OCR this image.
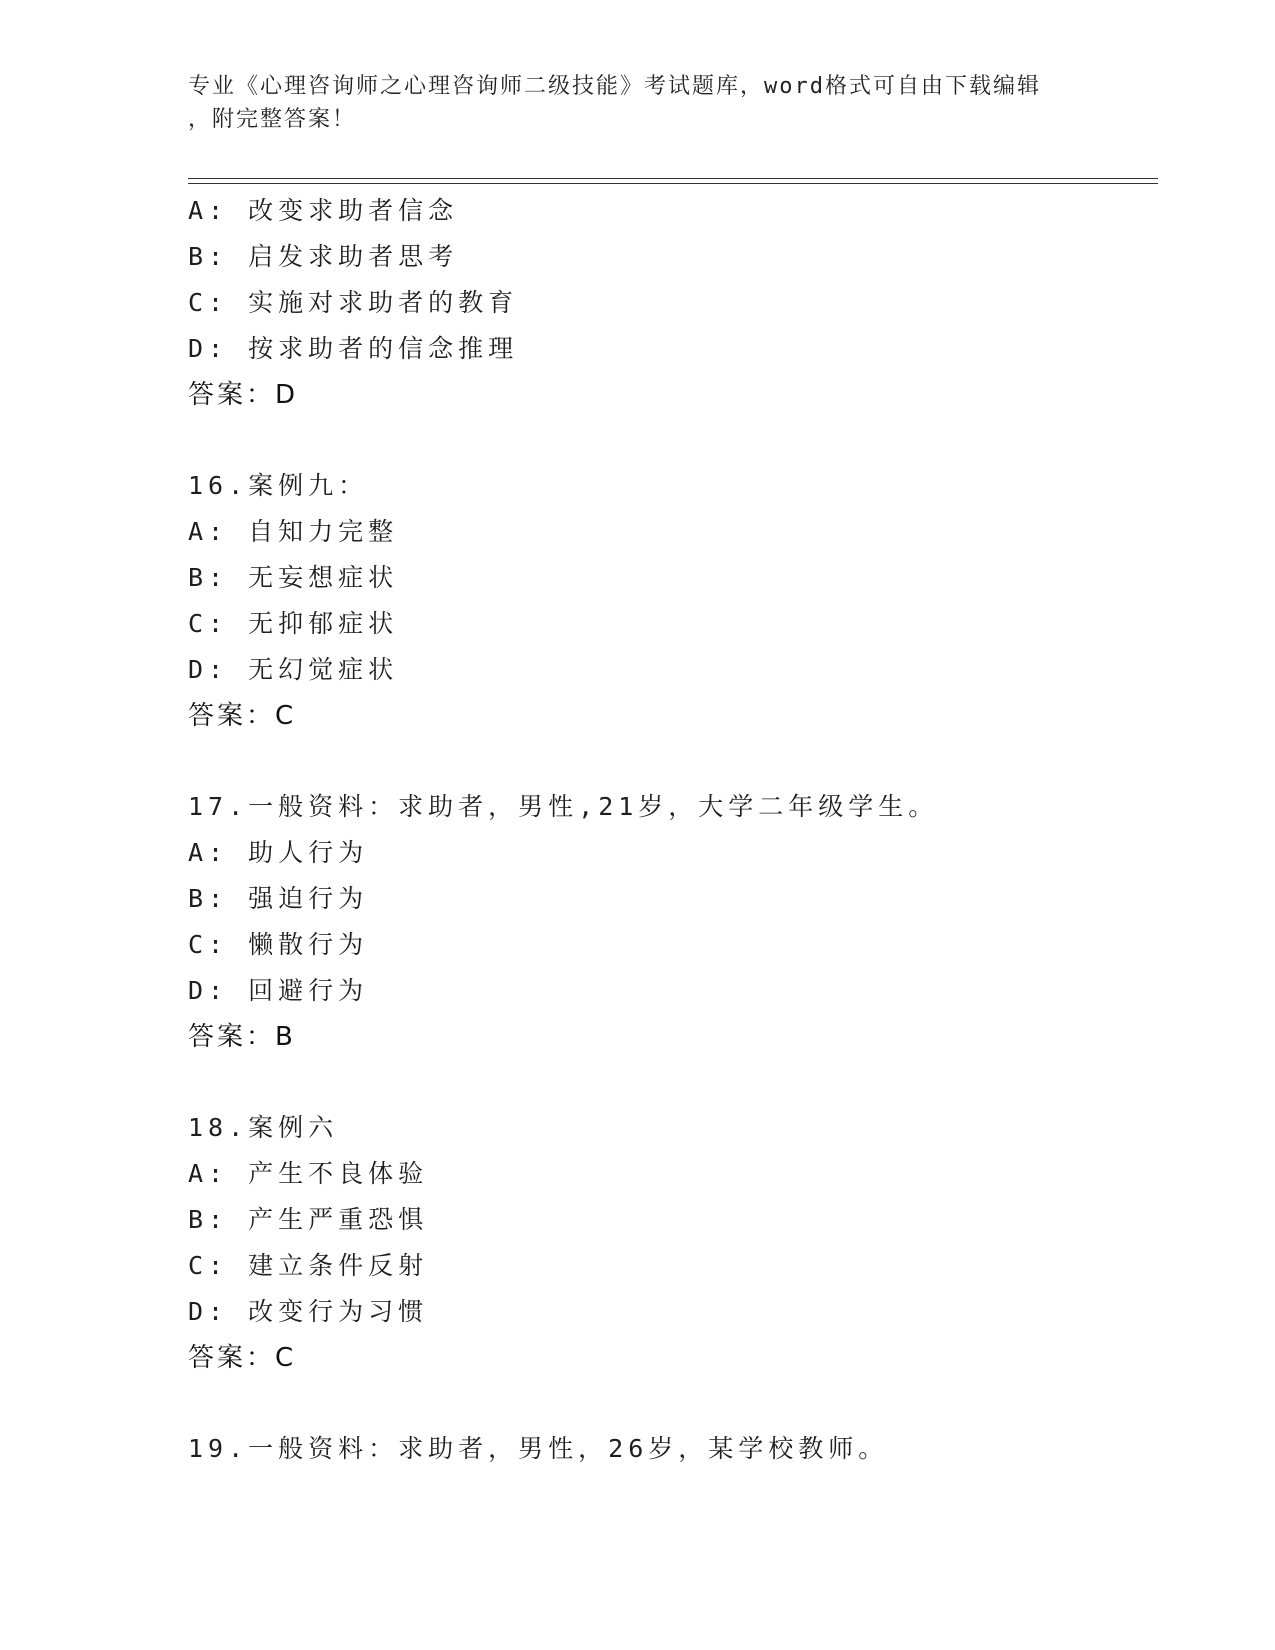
专业《心理咨询师之心理咨询师二级技能》考试题库，word格式可自由下载编辑
，附完整答案！
A: 改变求助者信念
B: 启发求助者思考
C: 实施对求助者的教育
D: 按求助者的信念推理
答案：D
16.案例九：
A: 自知力完整
B: 无妄想症状
C: 无抑郁症状
D: 无幻觉症状
答案：C
17.一般资料：求助者，男性,21岁，大学二年级学生。
A: 助人行为
B: 强迫行为
C: 懒散行为
D: 回避行为
答案：B
18.案例六
A: 产生不良体验
B: 产生严重恐惧
C: 建立条件反射
D: 改变行为习惯
答案：C
19.一般资料：求助者，男性，26岁，某学校教师。
